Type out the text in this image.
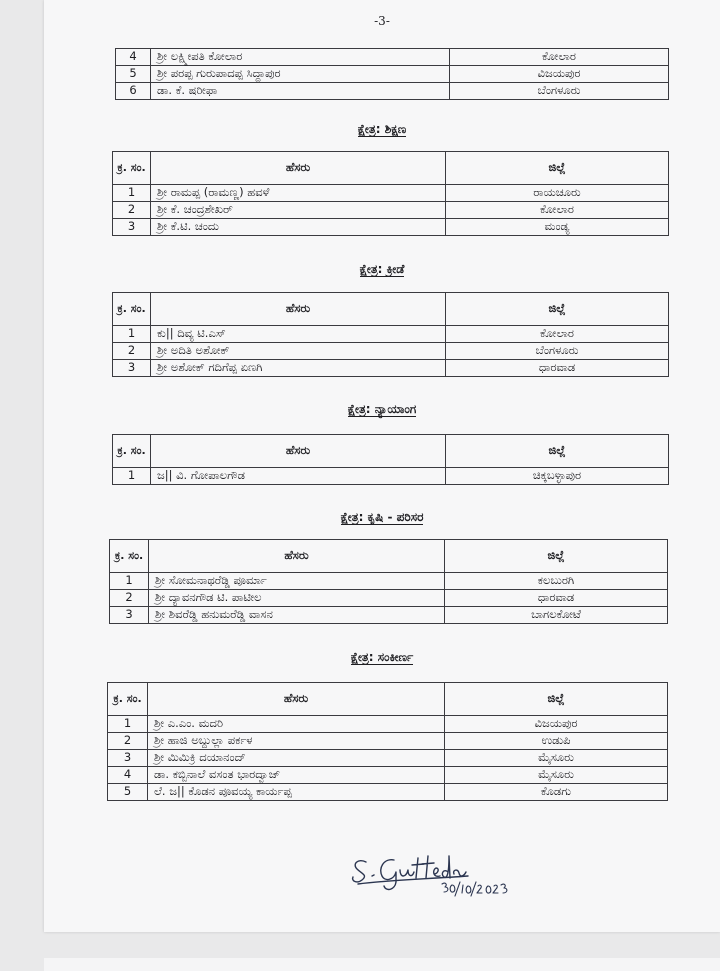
-3-
4	ಶ್ರೀ ಲಕ್ಷ್ಮೀಪತಿ ಕೋಲಾರ	ಕೋಲಾರ
5	ಶ್ರೀ ಪರಪ್ಪ ಗುರುಪಾದಪ್ಪ ಸಿದ್ದಾಪುರ	ವಿಜಯಪುರ
6	ಡಾ. ಕೆ. ಷರೀಫಾ	ಬೆಂಗಳೂರು
ಕ್ಷೇತ್ರ: ಶಿಕ್ಷಣ
ಕ್ರ. ಸಂ.	ಹೆಸರು	ಜಿಲ್ಲೆ
1	ಶ್ರೀ ರಾಮಪ್ಪ (ರಾಮಣ್ಣ) ಹವಳೆ	ರಾಯಚೂರು
2	ಶ್ರೀ ಕೆ. ಚಂದ್ರಶೇಖರ್	ಕೋಲಾರ
3	ಶ್ರೀ ಕೆ.ಟಿ. ಚಂದು	ಮಂಡ್ಯ
ಕ್ಷೇತ್ರ: ಕ್ರೀಡೆ
ಕ್ರ. ಸಂ.	ಹೆಸರು	ಜಿಲ್ಲೆ
1	ಕು|| ದಿವ್ಯ ಟಿ.ಎಸ್	ಕೋಲಾರ
2	ಶ್ರೀ ಅದಿತಿ ಅಶೋಕ್	ಬೆಂಗಳೂರು
3	ಶ್ರೀ ಅಶೋಕ್ ಗದಿಗೆಪ್ಪ ಏಣಗಿ	ಧಾರವಾಡ
ಕ್ಷೇತ್ರ: ನ್ಯಾಯಾಂಗ
ಕ್ರ. ಸಂ.	ಹೆಸರು	ಜಿಲ್ಲೆ
1	ಜ|| ವಿ. ಗೋಪಾಲಗೌಡ	ಚಿಕ್ಕಬಳ್ಳಾಪುರ
ಕ್ಷೇತ್ರ: ಕೃಷಿ - ಪರಿಸರ
ಕ್ರ. ಸಂ.	ಹೆಸರು	ಜಿಲ್ಲೆ
1	ಶ್ರೀ ಸೋಮನಾಥರೆಡ್ಡಿ ಪೂರ್ಮಾ	ಕಲಬುರಗಿ
2	ಶ್ರೀ ದ್ಯಾವನಗೌಡ ಟಿ. ಪಾಟೀಲ	ಧಾರವಾಡ
3	ಶ್ರೀ ಶಿವರೆಡ್ಡಿ ಹನುಮರೆಡ್ಡಿ ವಾಸನ	ಬಾಗಲಕೋಟೆ
ಕ್ಷೇತ್ರ: ಸಂಕೀರ್ಣ
ಕ್ರ. ಸಂ.	ಹೆಸರು	ಜಿಲ್ಲೆ
1	ಶ್ರೀ ಎ.ಎಂ. ಮದರಿ	ವಿಜಯಪುರ
2	ಶ್ರೀ ಹಾಜಿ ಅಬ್ದುಲ್ಲಾ ಪರ್ಕಳ	ಉಡುಪಿ
3	ಶ್ರೀ ಮಿಮಿಕ್ರಿ ದಯಾನಂದ್	ಮೈಸೂರು
4	ಡಾ. ಕಬ್ಬಿನಾಲೆ ವಸಂತ ಭಾರದ್ವಾಜ್	ಮೈಸೂರು
5	ಲೆ. ಜ|| ಕೊಡನ ಪೂವಯ್ಯ ಕಾರ್ಯಪ್ಪ	ಕೊಡಗು
